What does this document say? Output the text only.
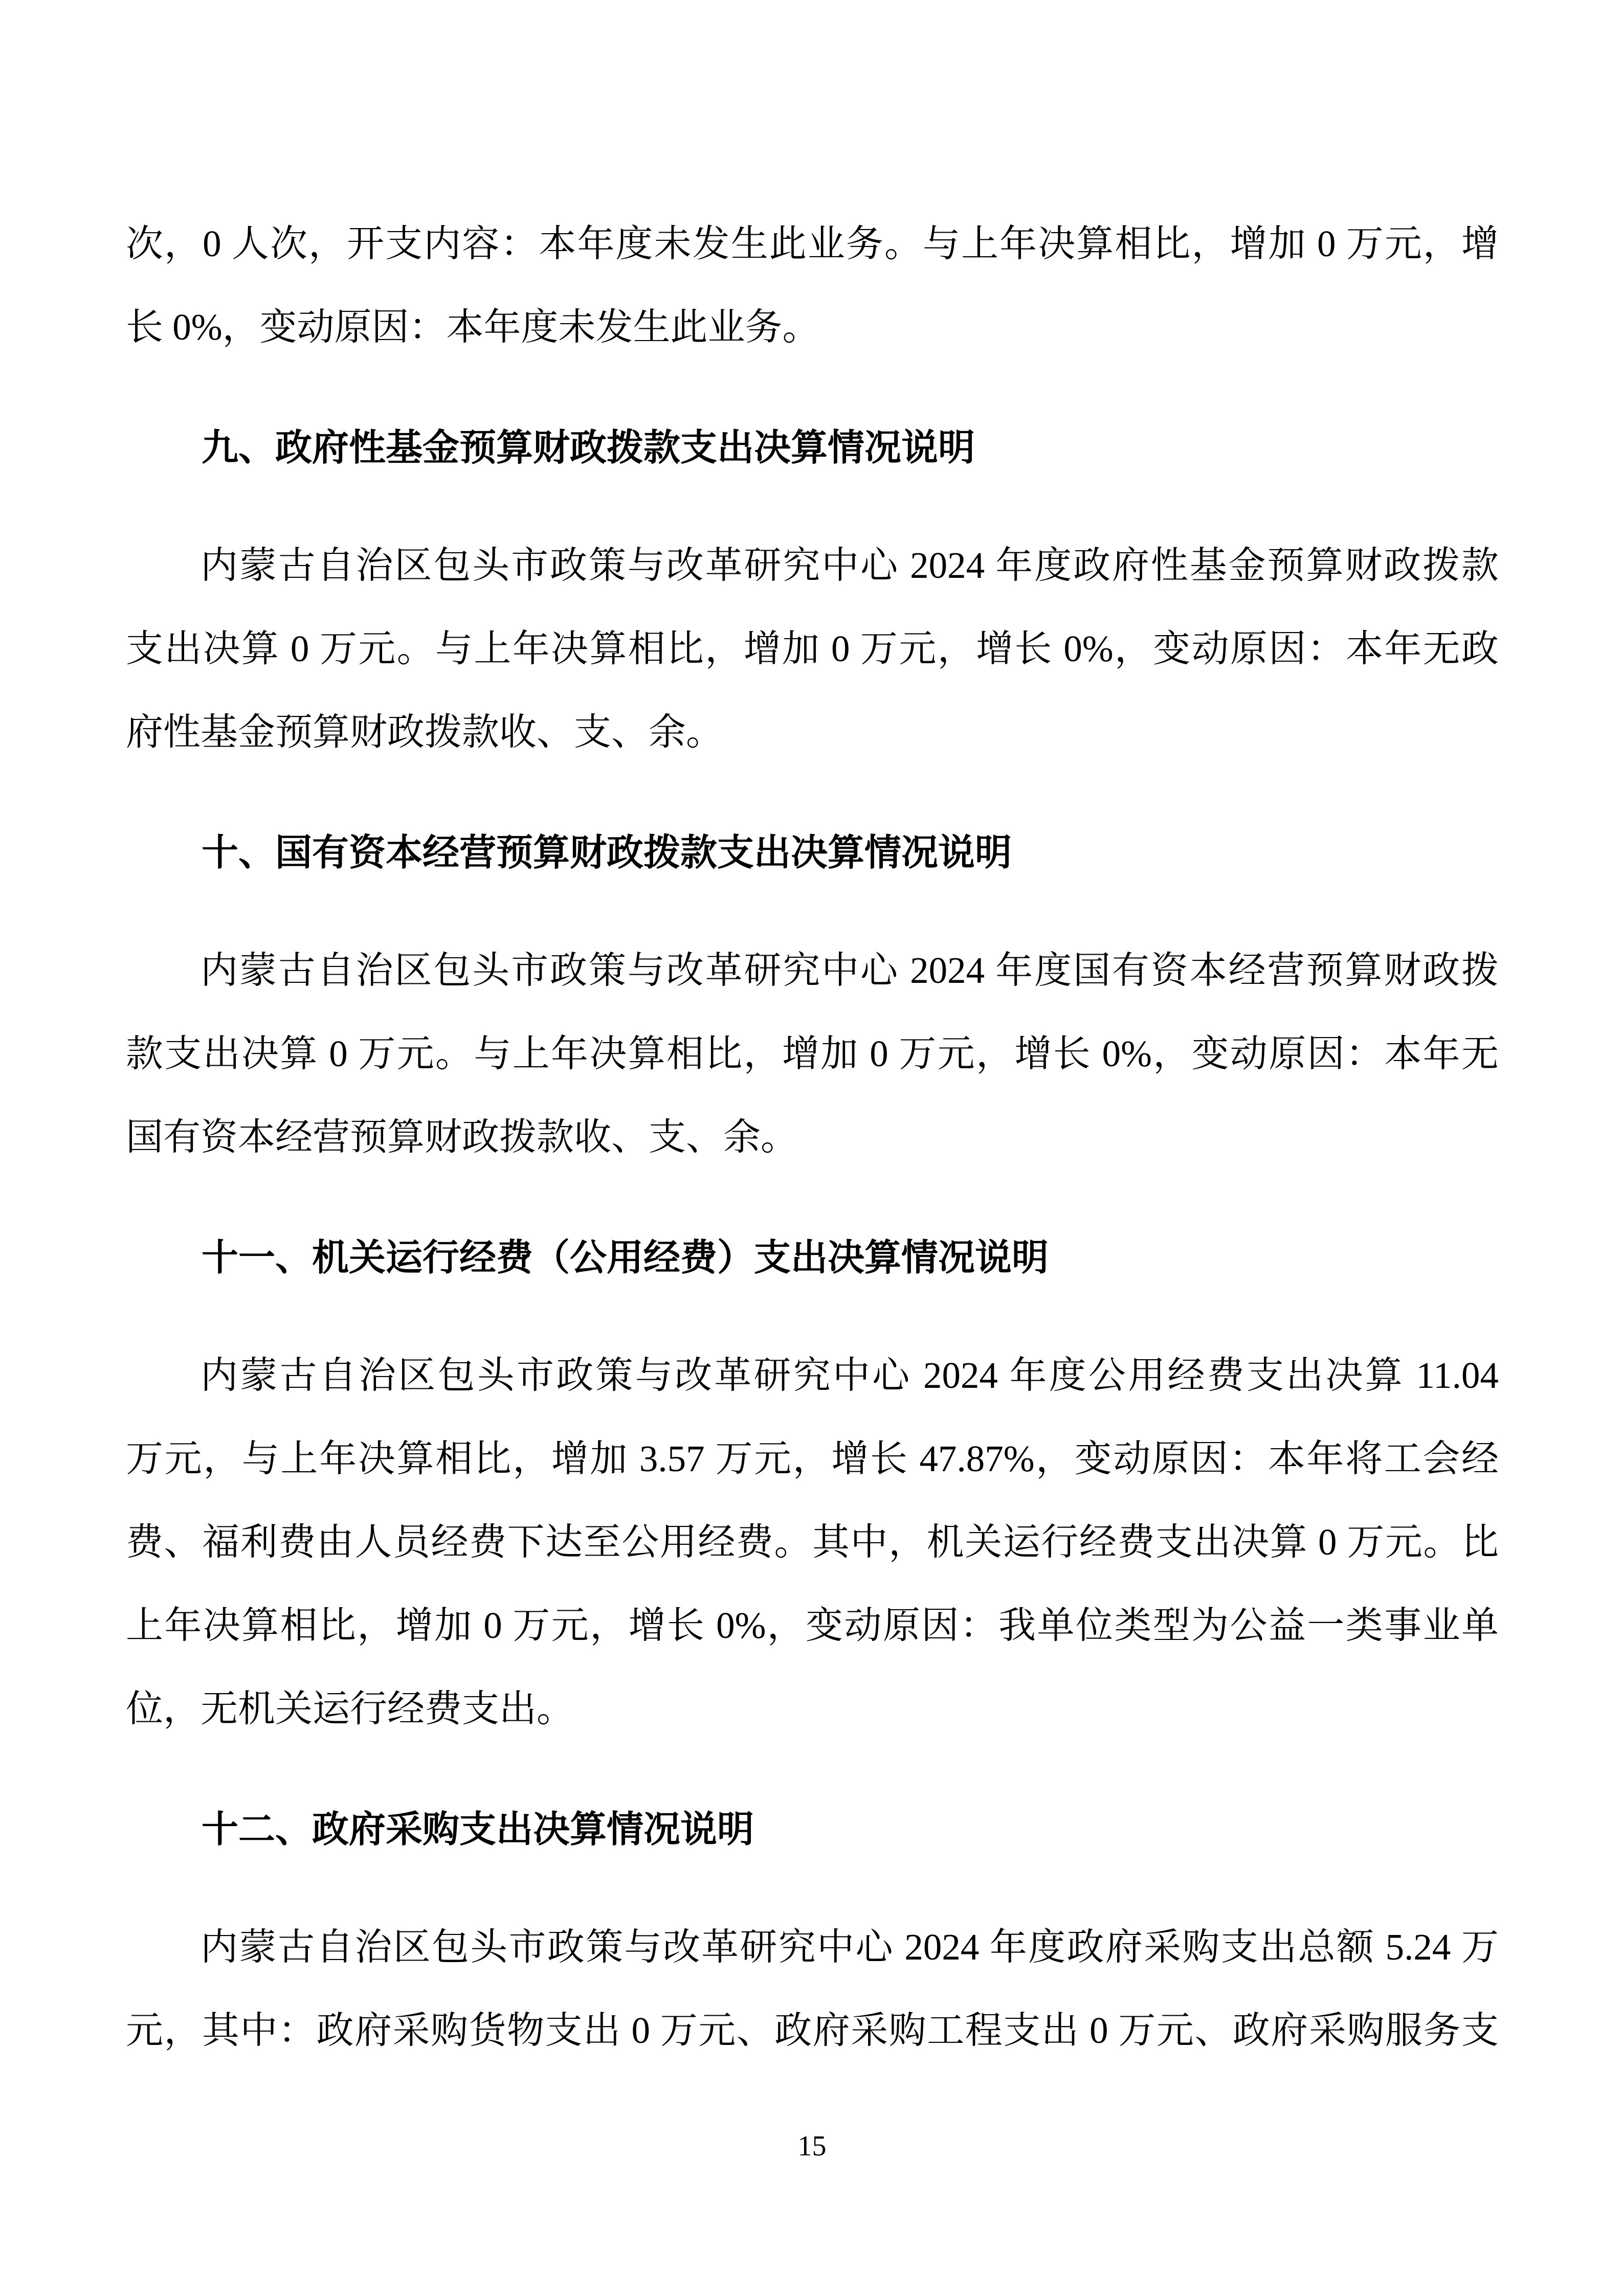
次，0 人次，开支内容：本年度未发生此业务。与上年决算相比，增加 0 万元，增
长 0%，变动原因：本年度未发生此业务。
九、政府性基金预算财政拨款支出决算情况说明
内蒙古自治区包头市政策与改革研究中心 2024 年度政府性基金预算财政拨款
支出决算 0 万元。与上年决算相比，增加 0 万元，增长 0%，变动原因：本年无政
府性基金预算财政拨款收、支、余。
十、国有资本经营预算财政拨款支出决算情况说明
内蒙古自治区包头市政策与改革研究中心 2024 年度国有资本经营预算财政拨
款支出决算 0 万元。与上年决算相比，增加 0 万元，增长 0%，变动原因：本年无
国有资本经营预算财政拨款收、支、余。
十一、机关运行经费（公用经费）支出决算情况说明
内蒙古自治区包头市政策与改革研究中心 2024 年度公用经费支出决算 11.04
万元，与上年决算相比，增加 3.57 万元，增长 47.87%，变动原因：本年将工会经
费、福利费由人员经费下达至公用经费。其中，机关运行经费支出决算 0 万元。比
上年决算相比，增加 0 万元，增长 0%，变动原因：我单位类型为公益一类事业单
位，无机关运行经费支出。
十二、政府采购支出决算情况说明
内蒙古自治区包头市政策与改革研究中心 2024 年度政府采购支出总额 5.24 万
元，其中：政府采购货物支出 0 万元、政府采购工程支出 0 万元、政府采购服务支
15
